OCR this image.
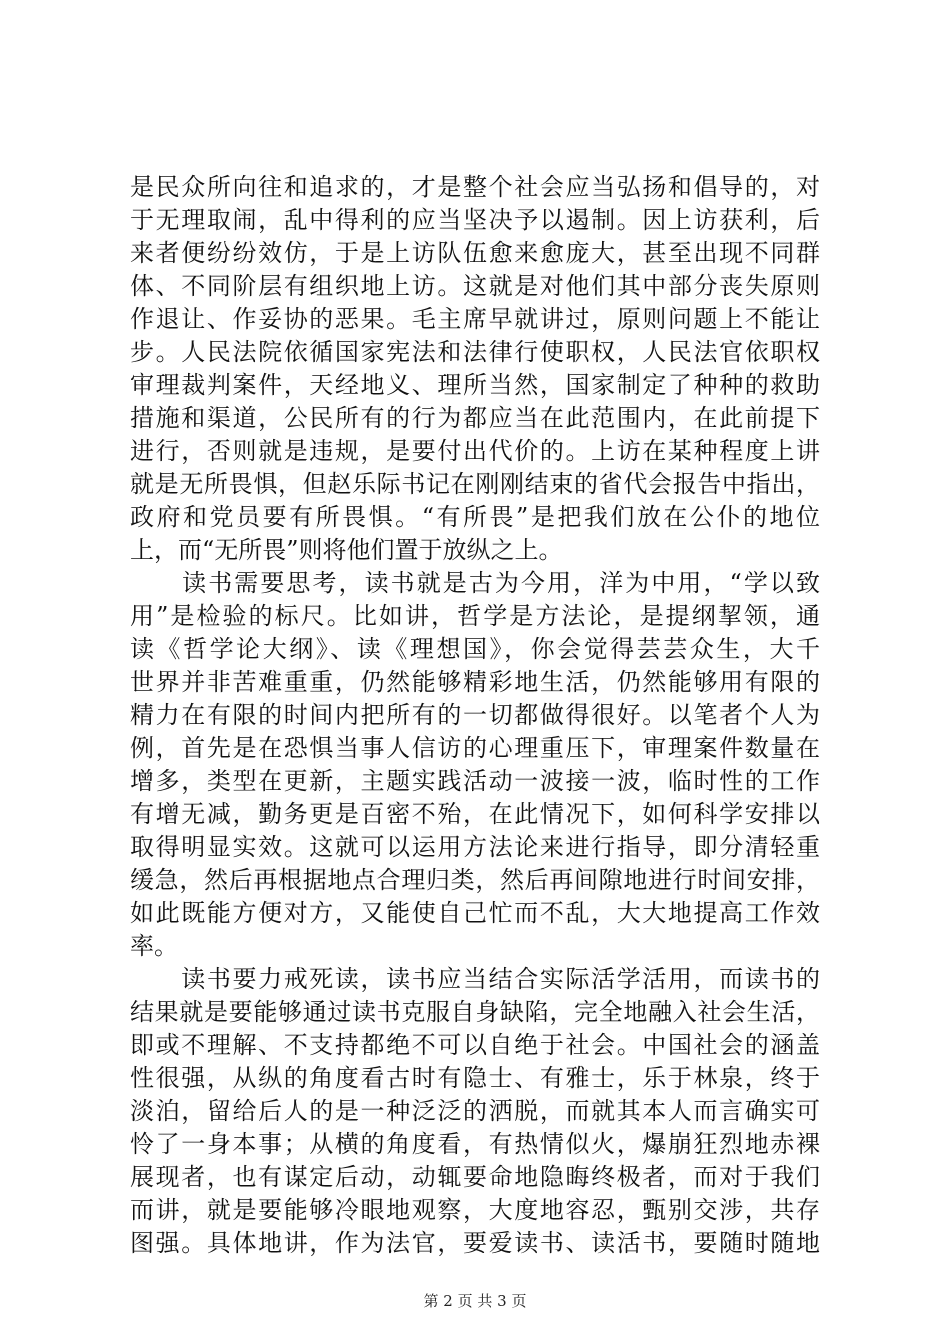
是民众所向往和追求的，才是整个社会应当弘扬和倡导的，对
于无理取闹，乱中得利的应当坚决予以遏制。因上访获利，后
来者便纷纷效仿，于是上访队伍愈来愈庞大，甚至出现不同群
体、不同阶层有组织地上访。这就是对他们其中部分丧失原则
作退让、作妥协的恶果。毛主席早就讲过，原则问题上不能让
步。人民法院依循国家宪法和法律行使职权，人民法官依职权
审理裁判案件，天经地义、理所当然，国家制定了种种的救助
措施和渠道，公民所有的行为都应当在此范围内，在此前提下
进行，否则就是违规，是要付出代价的。上访在某种程度上讲
就是无所畏惧，但赵乐际书记在刚刚结束的省代会报告中指出，
政府和党员要有所畏惧。“有所畏”是把我们放在公仆的地位
上，而“无所畏”则将他们置于放纵之上。
　　读书需要思考，读书就是古为今用，洋为中用，“学以致
用”是检验的标尺。比如讲，哲学是方法论，是提纲挈领，通
读《哲学论大纲》、读《理想国》，你会觉得芸芸众生，大千
世界并非苦难重重，仍然能够精彩地生活，仍然能够用有限的
精力在有限的时间内把所有的一切都做得很好。以笔者个人为
例，首先是在恐惧当事人信访的心理重压下，审理案件数量在
增多，类型在更新，主题实践活动一波接一波，临时性的工作
有增无减，勤务更是百密不殆，在此情况下，如何科学安排以
取得明显实效。这就可以运用方法论来进行指导，即分清轻重
缓急，然后再根据地点合理归类，然后再间隙地进行时间安排，
如此既能方便对方，又能使自己忙而不乱，大大地提高工作效
率。
　　读书要力戒死读，读书应当结合实际活学活用，而读书的
结果就是要能够通过读书克服自身缺陷，完全地融入社会生活，
即或不理解、不支持都绝不可以自绝于社会。中国社会的涵盖
性很强，从纵的角度看古时有隐士、有雅士，乐于林泉，终于
淡泊，留给后人的是一种泛泛的洒脱，而就其本人而言确实可
怜了一身本事；从横的角度看，有热情似火，爆崩狂烈地赤裸
展现者，也有谋定后动，动辄要命地隐晦终极者，而对于我们
而讲，就是要能够冷眼地观察，大度地容忍，甄别交涉，共存
图强。具体地讲，作为法官，要爱读书、读活书，要随时随地
第 2 页 共 3 页
